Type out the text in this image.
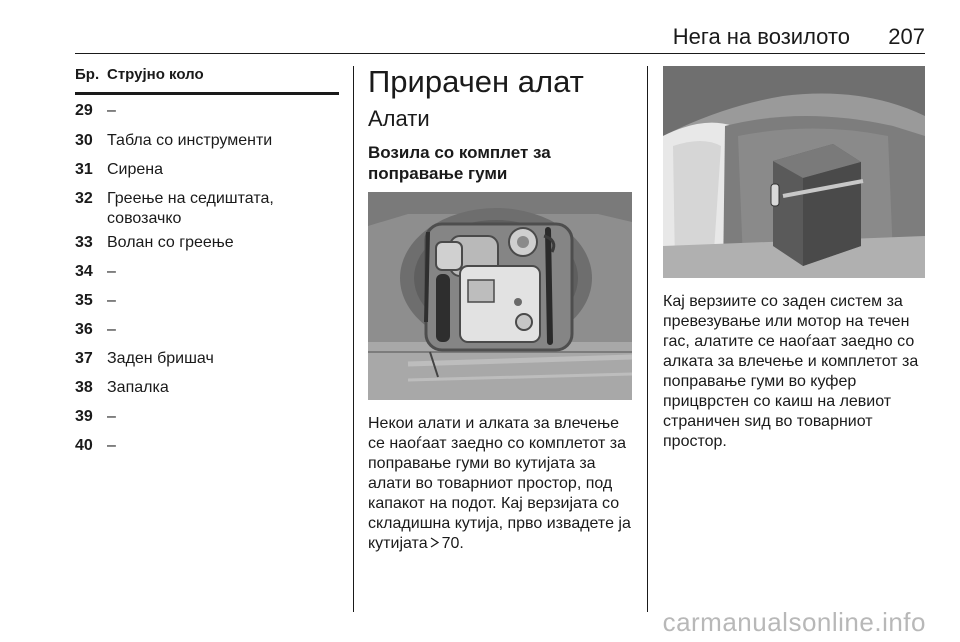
Нега на возилото 207
Бр. Струјно коло
29 –
30 Табла со инструменти
31 Сирена
32 Греење на седиштата,
совозачко
33 Волан со греење
34 –
35 –
36 –
37 Заден бришач
38 Запалка
39 –
40 –
Прирачен алат
Алати
Возила со комплет за
поправање гуми
Некои алати и алката за влечење
се наоѓаат заедно со комплетот за
поправање гуми во кутијата за
алати во товарниот простор, под
капакот на подот. Кај верзијата со
складишна кутија, прво извадете ја
кутијата 70.
Кај верзиите со заден систем за
превезување или мотор на течен
гас, алатите се наоѓаат заедно со
алката за влечење и комплетот за
поправање гуми во куфер
прицврстен со каиш на левиот
страничен ѕид во товарниот
простор.
carmanualsonline.info
